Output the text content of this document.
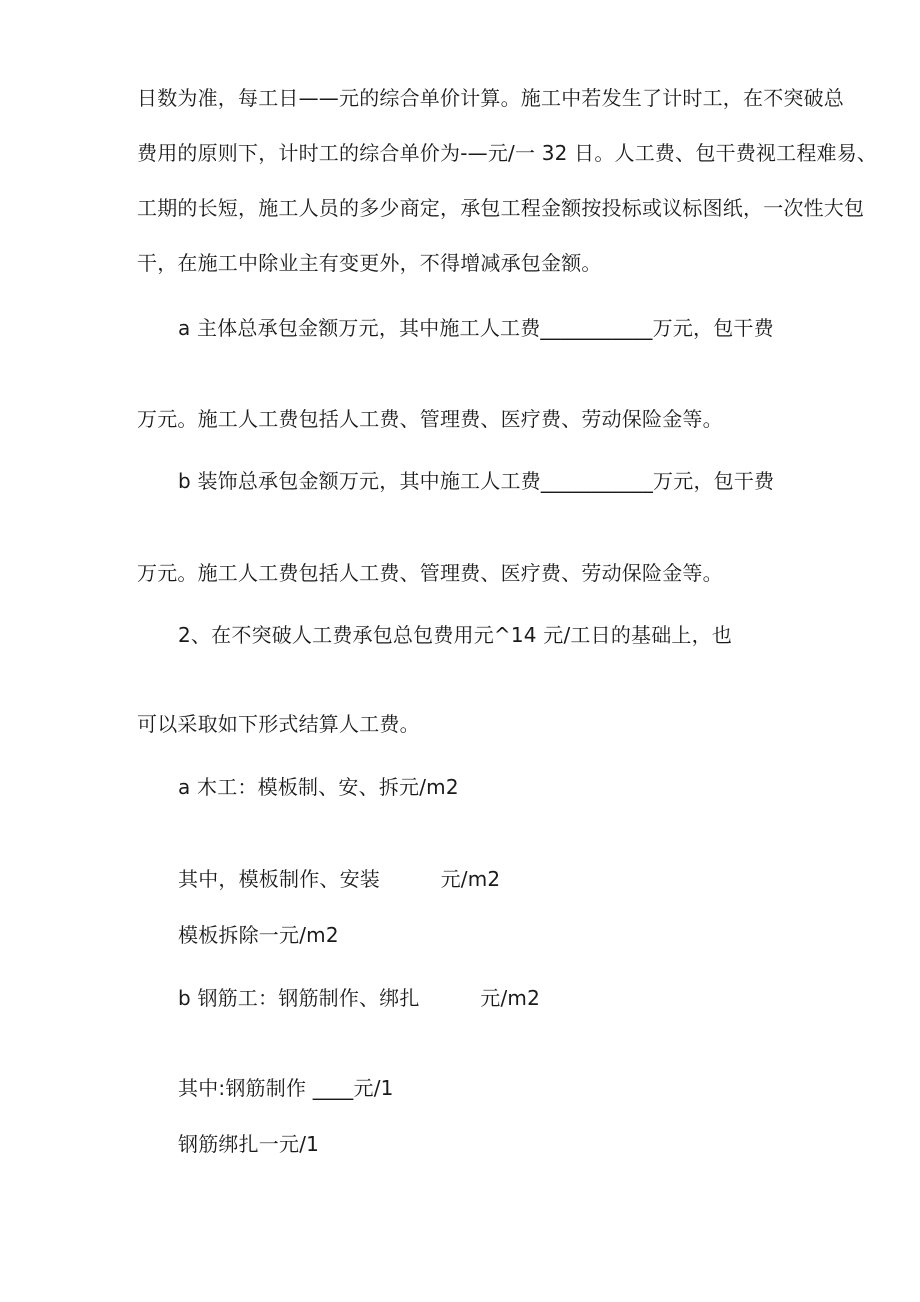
日数为准，每工日——元的综合单价计算。施工中若发生了计时工，在不突破总
费用的原则下，计时工的综合单价为-—元/一 32 日。人工费、包干费视工程难易、
工期的长短，施工人员的多少商定，承包工程金额按投标或议标图纸，一次性大包
干，在施工中除业主有变更外，不得增减承包金额。
a 主体总承包金额万元，其中施工人工费___________万元，包干费
万元。施工人工费包括人工费、管理费、医疗费、劳动保险金等。
b 装饰总承包金额万元，其中施工人工费___________万元，包干费
万元。施工人工费包括人工费、管理费、医疗费、劳动保险金等。
2、在不突破人工费承包总包费用元^14 元/工日的基础上，也
可以采取如下形式结算人工费。
a 木工：模板制、安、拆元/m2
其中，模板制作、安装　　　元/m2
模板拆除一元/m2
b 钢筋工：钢筋制作、绑扎　　　元/m2
其中:钢筋制作 ____元/1
钢筋绑扎一元/1
